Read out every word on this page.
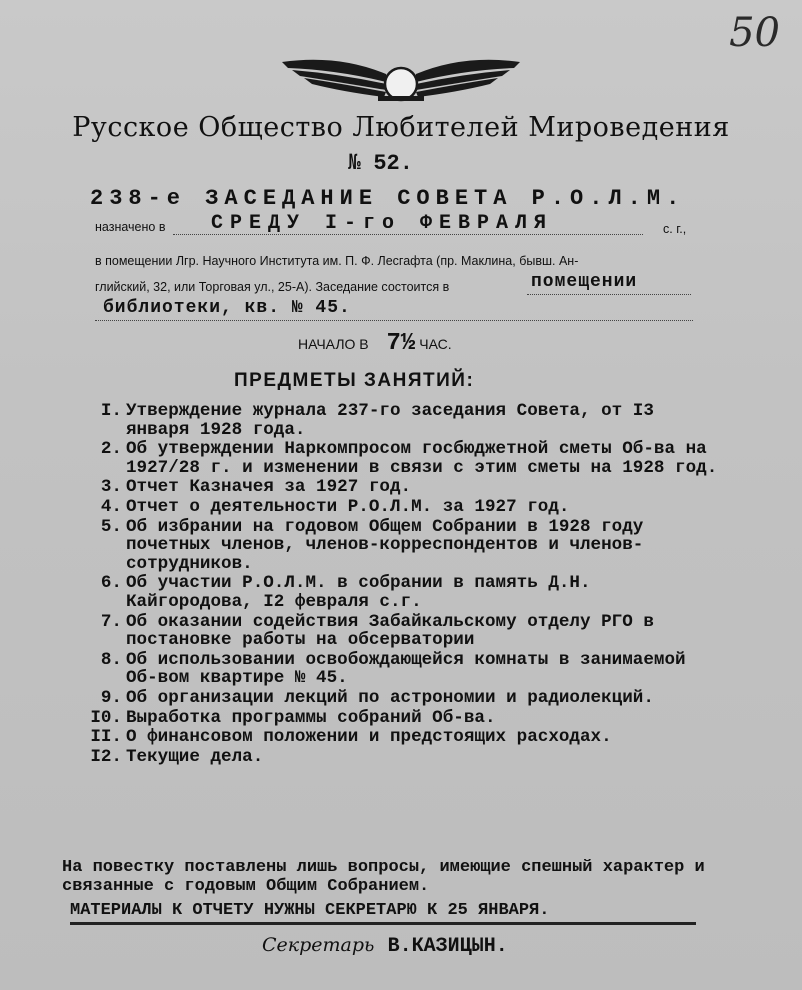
50
Русское Общество Любителей Мироведения
№ 52.
238-е ЗАСЕДАНИЕ СОВЕТА Р.О.Л.М.
назначено в СРЕДУ I-го ФЕВРАЛЯ	с. г.,
в помещении Лгр. Научного Института им. П. Ф. Лесгафта (пр. Маклина, бывш. Ан-
глийский, 32, или Торговая ул., 25-А). Заседание состоится в	помещении
библиотеки, кв. № 45.
НАЧАЛО В 7½ ЧАС.
ПРЕДМЕТЫ ЗАНЯТИЙ:
I. Утверждение журнала 237-го заседания Совета, от I3 января 1928 года.
2. Об утверждении Наркомпросом госбюджетной сметы Об-ва на 1927/28 г. и изменении в связи с этим сметы на 1928 год.
3. Отчет Казначея за 1927 год.
4. Отчет о деятельности Р.О.Л.М. за 1927 год.
5. Об избрании на годовом Общем Собрании в 1928 году почетных членов, членов-корреспондентов и членов-сотрудников.
6. Об участии Р.О.Л.М. в собрании в память Д.Н. Кайгородова, I2 февраля с.г.
7. Об оказании содействия Забайкальскому отделу РГО в постановке работы на обсерватории
8. Об использовании освобождающейся комнаты в занимаемой Об-вом квартире № 45.
9. Об организации лекций по астрономии и радиолекций.
I0. Выработка программы собраний Об-ва.
II. О финансовом положении и предстоящих расходах.
I2. Текущие дела.
На повестку поставлены лишь вопросы, имеющие спешный характер и связанные с годовым Общим Собранием.
МАТЕРИАЛЫ К ОТЧЕТУ НУЖНЫ СЕКРЕТАРЮ К 25 ЯНВАРЯ.
Секретарь В.КАЗИЦЫН.
